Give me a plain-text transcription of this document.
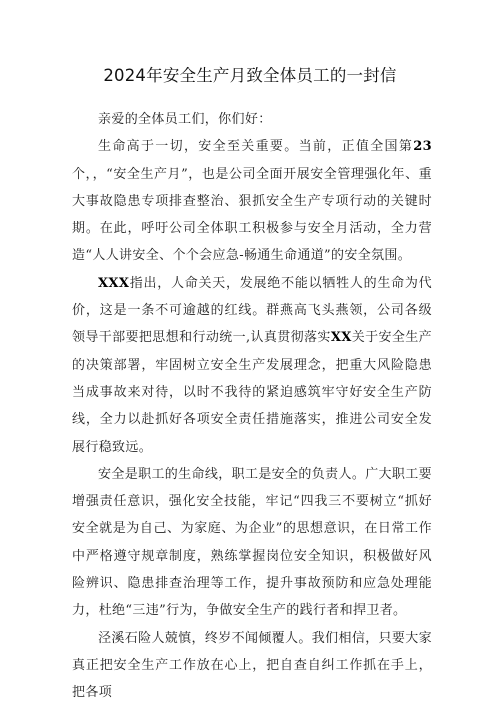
2024年安全生产月致全体员工的一封信

亲爱的全体员工们，你们好：

生命高于一切，安全至关重要。当前，正值全国第23个，，“安全生产月”，也是公司全面开展安全管理强化年、重大事故隐患专项排查整治、狠抓安全生产专项行动的关键时期。在此，呼吁公司全体职工积极参与安全月活动，全力营造“人人讲安全、个个会应急-畅通生命通道”的安全氛围。

XXX指出，人命关天，发展绝不能以牺牲人的生命为代价，这是一条不可逾越的红线。群燕高飞头燕领，公司各级领导干部要把思想和行动统一,认真贯彻落实XX关于安全生产的决策部署，牢固树立安全生产发展理念，把重大风险隐患当成事故来对待，以时不我待的紧迫感筑牢守好安全生产防线，全力以赴抓好各项安全责任措施落实，推进公司安全发展行稳致远。

安全是职工的生命线，职工是安全的负责人。广大职工要增强责任意识，强化安全技能，牢记“四我三不要树立“抓好安全就是为自己、为家庭、为企业”的思想意识，在日常工作中严格遵守规章制度，熟练掌握岗位安全知识，积极做好风险辨识、隐患排查治理等工作，提升事故预防和应急处理能力，杜绝“三违”行为，争做安全生产的践行者和捍卫者。

泾溪石险人兢慎，终岁不闻倾覆人。我们相信，只要大家真正把安全生产工作放在心上，把自查自纠工作抓在手上，把各项
